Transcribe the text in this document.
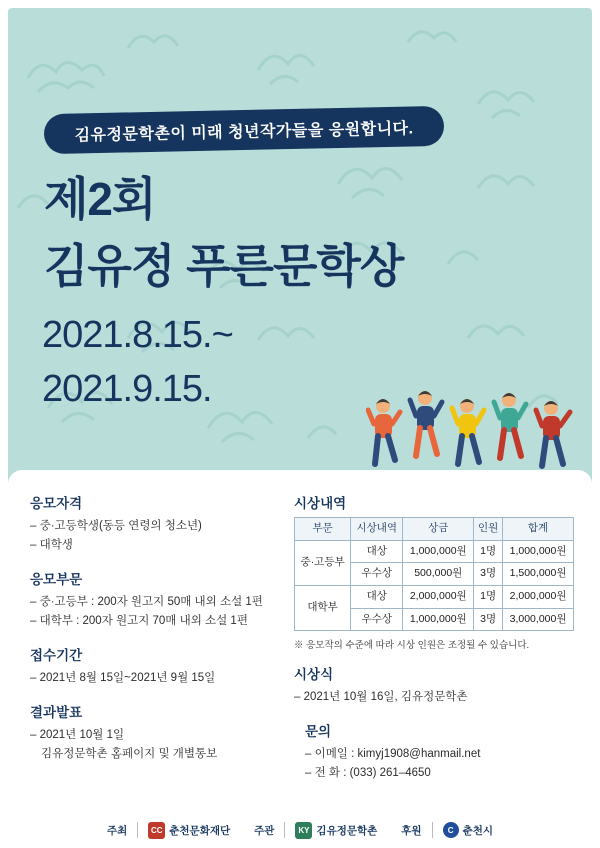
김유정문학촌이 미래 청년작가들을 응원합니다.
제2회
김유정 푸른문학상
2021.8.15.~
2021.9.15.
응모자격
– 중·고등학생(동등 연령의 청소년)
– 대학생
응모부문
– 중·고등부 : 200자 원고지 50매 내외 소설 1편
– 대학부 : 200자 원고지 70매 내외 소설 1편
접수기간
– 2021년 8월 15일~2021년 9월 15일
결과발표
– 2021년 10월 1일
김유정문학촌 홈페이지 및 개별통보
시상내역
부문	시상내역	상금	인원	합계
중·고등부	대상	1,000,000원	1명	1,000,000원
	우수상	500,000원	3명	1,500,000원
대학부	대상	2,000,000원	1명	2,000,000원
	우수상	1,000,000원	3명	3,000,000원
※ 응모작의 수준에 따라 시상 인원은 조정될 수 있습니다.
시상식
– 2021년 10월 16일, 김유정문학촌
문의
– 이메일 : kimyj1908@hanmail.net
– 전 화 : (033) 261–4650
주최	CC 춘천문화재단 주관	KY 김유정문학촌 후원	C 춘천시
